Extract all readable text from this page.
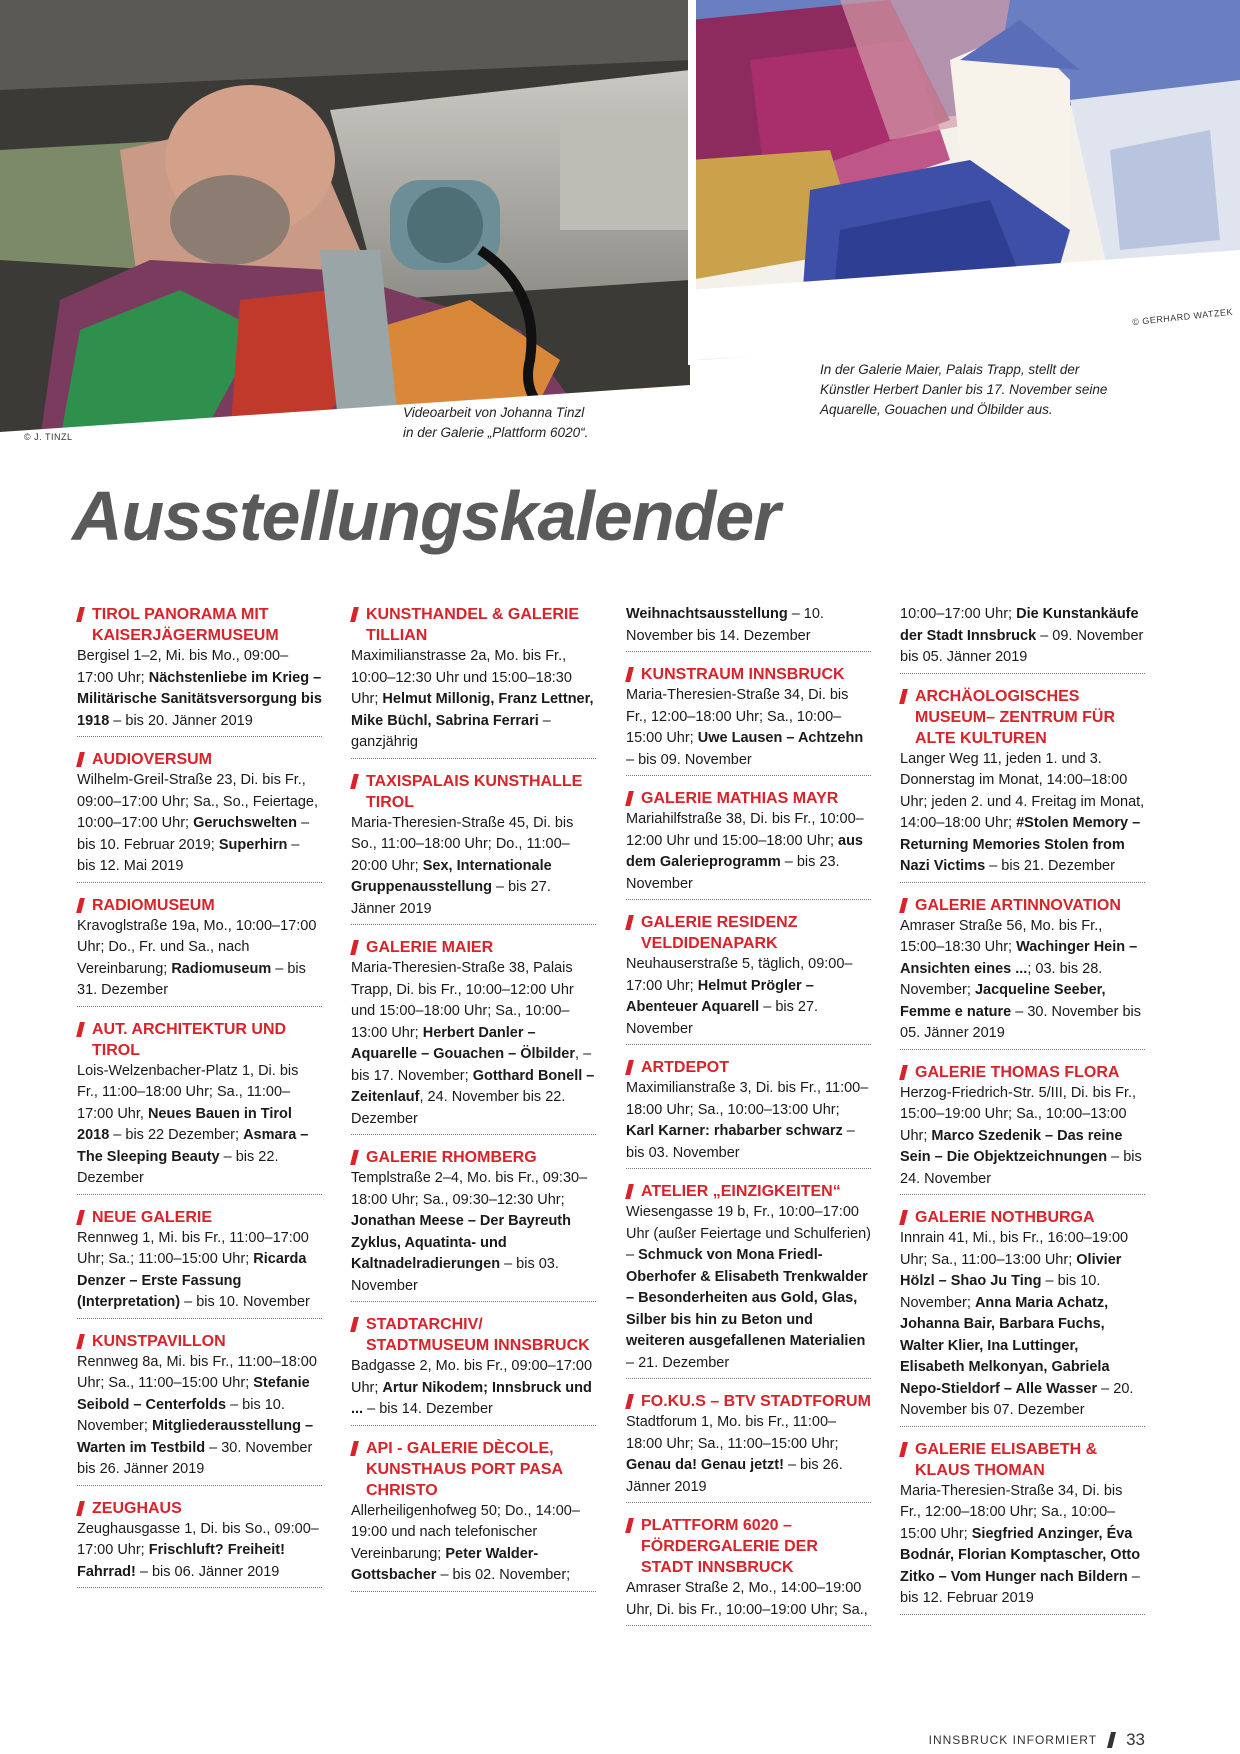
© J. TINZL
© GERHARD WATZEK
Videoarbeit von Johanna Tinzl
in der Galerie „Plattform 6020“.
In der Galerie Maier, Palais Trapp, stellt der
Künstler Herbert Danler bis 17. November seine
Aquarelle, Gouachen und Ölbilder aus.
Ausstellungskalender
TIROL PANORAMA MIT KAISERJÄGERMUSEUM
Bergisel 1–2, Mi. bis Mo., 09:00–17:00 Uhr; Nächstenliebe im Krieg – Militärische Sanitätsversorgung bis 1918 – bis 20. Jänner 2019
AUDIOVERSUM
Wilhelm-Greil-Straße 23, Di. bis Fr., 09:00–17:00 Uhr; Sa., So., Feiertage, 10:00–17:00 Uhr; Geruchswelten – bis 10. Februar 2019; Superhirn – bis 12. Mai 2019
RADIOMUSEUM
Kravoglstraße 19a, Mo., 10:00–17:00 Uhr; Do., Fr. und Sa., nach Vereinbarung; Radiomuseum – bis 31. Dezember
AUT. ARCHITEKTUR UND TIROL
Lois-Welzenbacher-Platz 1, Di. bis Fr., 11:00–18:00 Uhr; Sa., 11:00–17:00 Uhr, Neues Bauen in Tirol 2018 – bis 22 Dezember; Asmara – The Sleeping Beauty – bis 22. Dezember
NEUE GALERIE
Rennweg 1, Mi. bis Fr., 11:00–17:00 Uhr; Sa.; 11:00–15:00 Uhr; Ricarda Denzer – Erste Fassung (Interpretation) – bis 10. November
KUNSTPAVILLON
Rennweg 8a, Mi. bis Fr., 11:00–18:00 Uhr; Sa., 11:00–15:00 Uhr; Stefanie Seibold – Centerfolds – bis 10. November; Mitgliederausstellung – Warten im Testbild – 30. November bis 26. Jänner 2019
ZEUGHAUS
Zeughausgasse 1, Di. bis So., 09:00–17:00 Uhr; Frischluft? Freiheit! Fahrrad! – bis 06. Jänner 2019
KUNSTHANDEL & GALERIE TILLIAN
Maximilianstrasse 2a, Mo. bis Fr., 10:00–12:30 Uhr und 15:00–18:30 Uhr; Helmut Millonig, Franz Lettner, Mike Büchl, Sabrina Ferrari – ganzjährig
TAXISPALAIS KUNSTHALLE TIROL
Maria-Theresien-Straße 45, Di. bis So., 11:00–18:00 Uhr; Do., 11:00–20:00 Uhr; Sex, Internationale Gruppenausstellung – bis 27. Jänner 2019
GALERIE MAIER
Maria-Theresien-Straße 38, Palais Trapp, Di. bis Fr., 10:00–12:00 Uhr und 15:00–18:00 Uhr; Sa., 10:00–13:00 Uhr; Herbert Danler – Aquarelle – Gouachen – Ölbilder, – bis 17. November; Gotthard Bonell – Zeitenlauf, 24. November bis 22. Dezember
GALERIE RHOMBERG
Templstraße 2–4, Mo. bis Fr., 09:30–18:00 Uhr; Sa., 09:30–12:30 Uhr; Jonathan Meese – Der Bayreuth Zyklus, Aquatinta- und Kaltnadelradierungen – bis 03. November
STADTARCHIV/ STADTMUSEUM INNSBRUCK
Badgasse 2, Mo. bis Fr., 09:00–17:00 Uhr; Artur Nikodem; Innsbruck und ... – bis 14. Dezember
API - GALERIE DÈCOLE, KUNSTHAUS PORT PASA CHRISTO
Allerheiligenhofweg 50; Do., 14:00–19:00 und nach telefonischer Vereinbarung; Peter Walder-Gottsbacher – bis 02. November;
Weihnachtsausstellung – 10. November bis 14. Dezember
KUNSTRAUM INNSBRUCK
Maria-Theresien-Straße 34, Di. bis Fr., 12:00–18:00 Uhr; Sa., 10:00–15:00 Uhr; Uwe Lausen – Achtzehn – bis 09. November
GALERIE MATHIAS MAYR
Mariahilfstraße 38, Di. bis Fr., 10:00–12:00 Uhr und 15:00–18:00 Uhr; aus dem Galerieprogramm – bis 23. November
GALERIE RESIDENZ VELDIDENAPARK
Neuhauserstraße 5, täglich, 09:00–17:00 Uhr; Helmut Prögler – Abenteuer Aquarell – bis 27. November
ARTDEPOT
Maximilianstraße 3, Di. bis Fr., 11:00–18:00 Uhr; Sa., 10:00–13:00 Uhr; Karl Karner: rhabarber schwarz – bis 03. November
ATELIER „EINZIGKEITEN“
Wiesengasse 19 b, Fr., 10:00–17:00 Uhr (außer Feiertage und Schulferien) – Schmuck von Mona Friedl-Oberhofer & Elisabeth Trenkwalder – Besonderheiten aus Gold, Glas, Silber bis hin zu Beton und weiteren ausgefallenen Materialien – 21. Dezember
FO.KU.S – BTV STADTFORUM
Stadtforum 1, Mo. bis Fr., 11:00–18:00 Uhr; Sa., 11:00–15:00 Uhr; Genau da! Genau jetzt! – bis 26. Jänner 2019
PLATTFORM 6020 – FÖRDERGALERIE DER STADT INNSBRUCK
Amraser Straße 2, Mo., 14:00–19:00 Uhr, Di. bis Fr., 10:00–19:00 Uhr; Sa.,
10:00–17:00 Uhr; Die Kunstankäufe der Stadt Innsbruck – 09. November bis 05. Jänner 2019
ARCHÄOLOGISCHES MUSEUM– ZENTRUM FÜR ALTE KULTUREN
Langer Weg 11, jeden 1. und 3. Donnerstag im Monat, 14:00–18:00 Uhr; jeden 2. und 4. Freitag im Monat, 14:00–18:00 Uhr; #Stolen Memory – Returning Memories Stolen from Nazi Victims – bis 21. Dezember
GALERIE ARTINNOVATION
Amraser Straße 56, Mo. bis Fr., 15:00–18:30 Uhr; Wachinger Hein – Ansichten eines ...; 03. bis 28. November; Jacqueline Seeber, Femme e nature – 30. November bis 05. Jänner 2019
GALERIE THOMAS FLORA
Herzog-Friedrich-Str. 5/III, Di. bis Fr., 15:00–19:00 Uhr; Sa., 10:00–13:00 Uhr; Marco Szedenik – Das reine Sein – Die Objektzeichnungen – bis 24. November
GALERIE NOTHBURGA
Innrain 41, Mi., bis Fr., 16:00–19:00 Uhr; Sa., 11:00–13:00 Uhr; Olivier Hölzl – Shao Ju Ting – bis 10. November; Anna Maria Achatz, Johanna Bair, Barbara Fuchs, Walter Klier, Ina Luttinger, Elisabeth Melkonyan, Gabriela Nepo-Stieldorf – Alle Wasser – 20. November bis 07. Dezember
GALERIE ELISABETH & KLAUS THOMAN
Maria-Theresien-Straße 34, Di. bis Fr., 12:00–18:00 Uhr; Sa., 10:00–15:00 Uhr; Siegfried Anzinger, Éva Bodnár, Florian Komptascher, Otto Zitko – Vom Hunger nach Bildern – bis 12. Februar 2019
INNSBRUCK INFORMIERT 33
